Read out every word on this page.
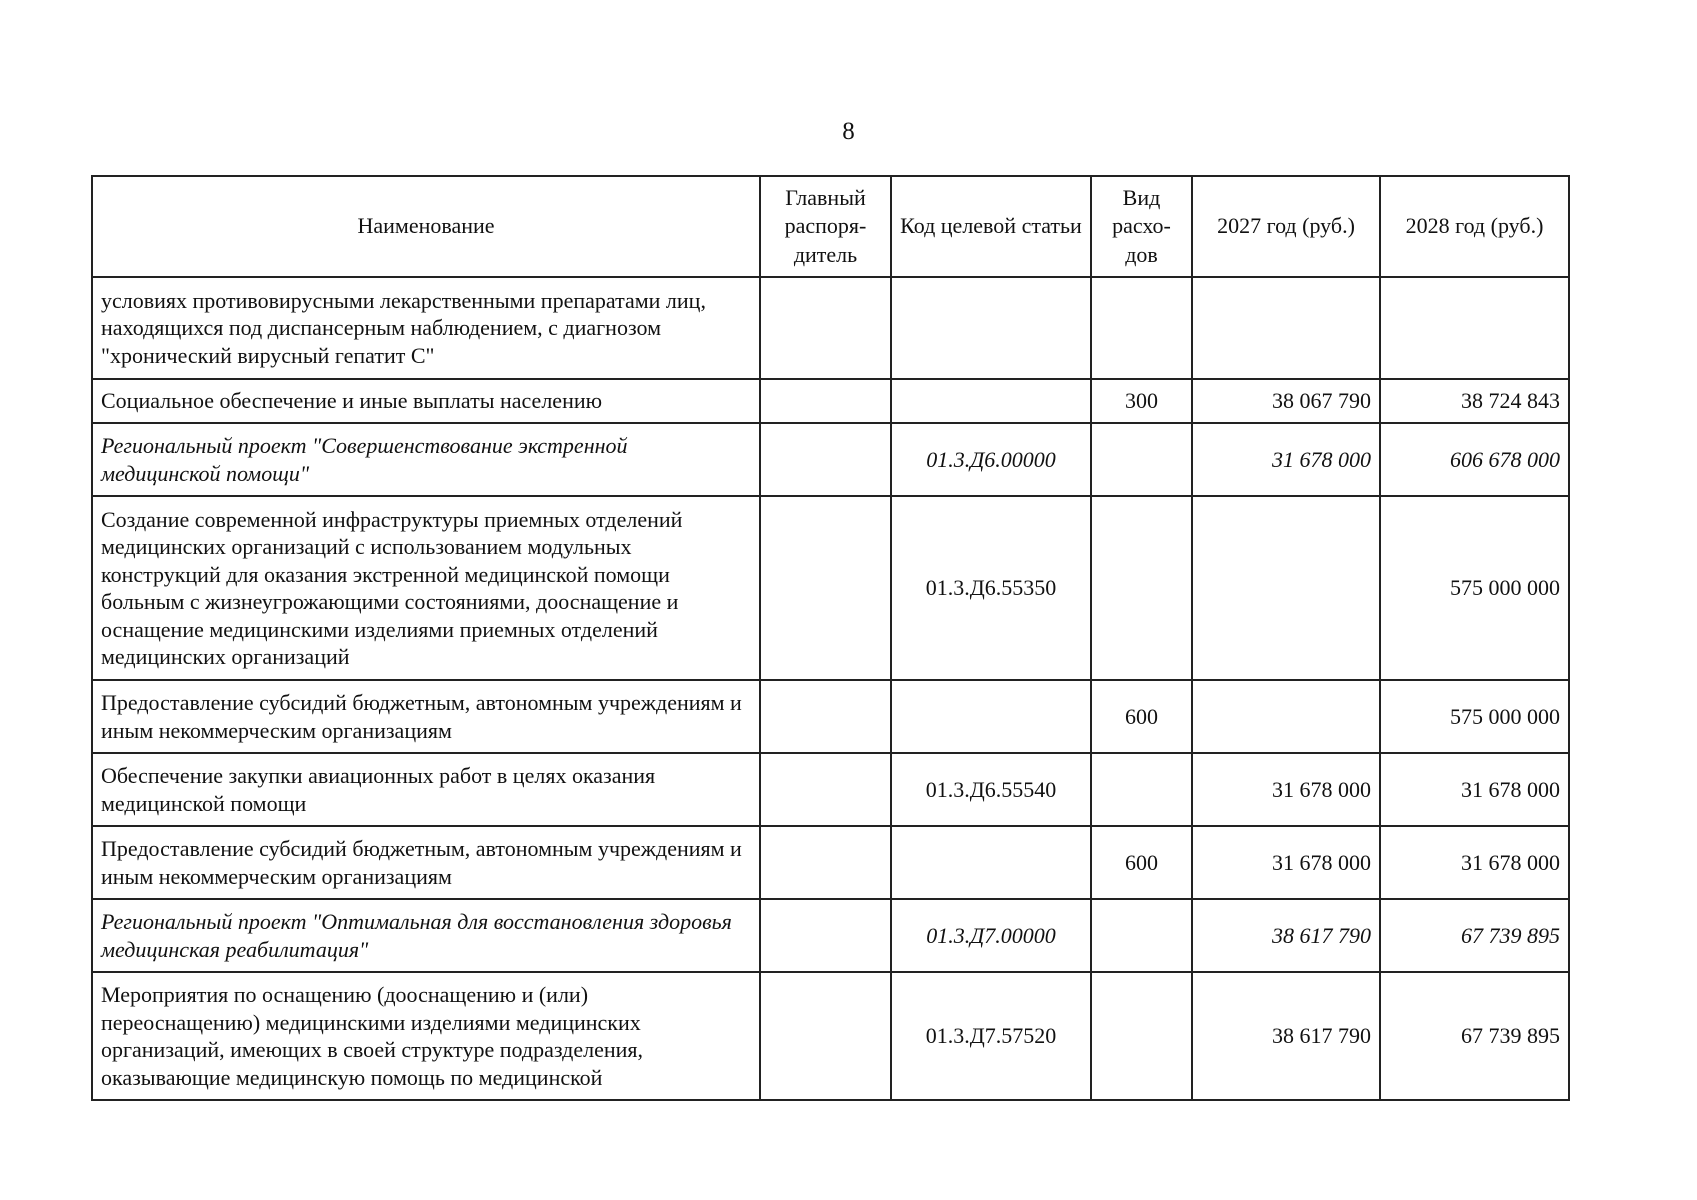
8
Наименование	Главный распоря-дитель	Код целевой статьи	Вид расхо-дов	2027 год (руб.)	2028 год (руб.)
условиях противовирусными лекарственными препаратами лиц, находящихся под диспансерным наблюдением, с диагнозом "хронический вирусный гепатит С"					
Социальное обеспечение и иные выплаты населению			300	38 067 790	38 724 843
Региональный проект "Совершенствование экстренной медицинской помощи"		01.3.Д6.00000		31 678 000	606 678 000
Создание современной инфраструктуры приемных отделений медицинских организаций с использованием модульных конструкций для оказания экстренной медицинской помощи больным с жизнеугрожающими состояниями, дооснащение и оснащение медицинскими изделиями приемных отделений медицинских организаций		01.3.Д6.55350			575 000 000
Предоставление субсидий бюджетным, автономным учреждениям и иным некоммерческим организациям			600		575 000 000
Обеспечение закупки авиационных работ в целях оказания медицинской помощи		01.3.Д6.55540		31 678 000	31 678 000
Предоставление субсидий бюджетным, автономным учреждениям и иным некоммерческим организациям			600	31 678 000	31 678 000
Региональный проект "Оптимальная для восстановления здоровья медицинская реабилитация"		01.3.Д7.00000		38 617 790	67 739 895
Мероприятия по оснащению (дооснащению и (или) переоснащению) медицинскими изделиями медицинских организаций, имеющих в своей структуре подразделения, оказывающие медицинскую помощь по медицинской		01.3.Д7.57520		38 617 790	67 739 895
